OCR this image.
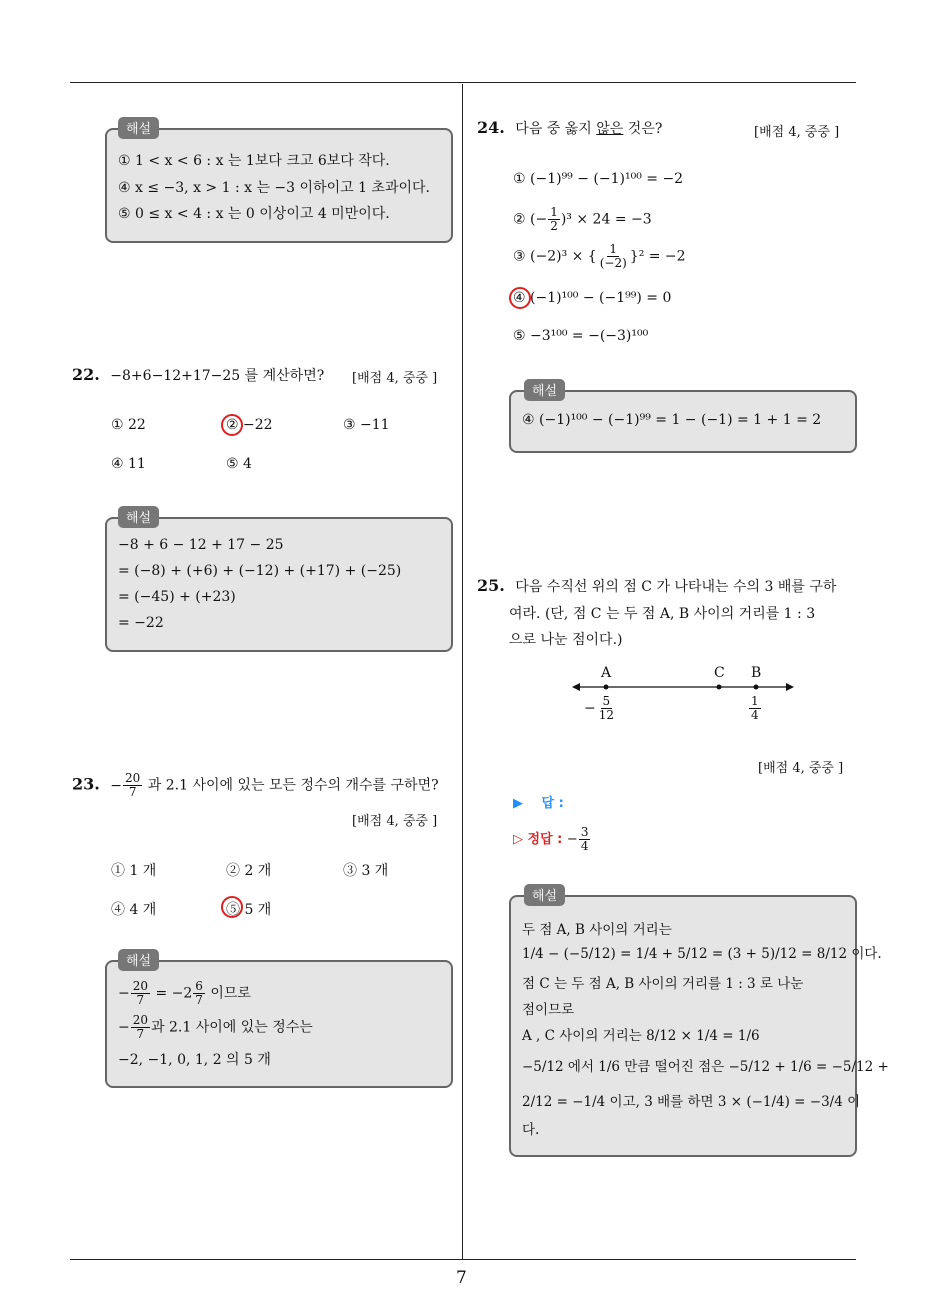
해설
① 1 < x < 6 : x 는 1보다 크고 6보다 작다.
④ x ≤ −3, x > 1 : x 는 −3 이하이고 1 초과이다.
⑤ 0 ≤ x < 4 : x 는 0 이상이고 4 미만이다.
22. −8+6−12+17−25 를 계산하면? [배점 4, 중중 ]
① 22	② −22	③ −11
④ 11	⑤ 4
해설
−8 + 6 − 12 + 17 − 25
= (−8) + (+6) + (−12) + (+17) + (−25)
= (−45) + (+23)
= −22
23. − $\frac{20}{7}$ 과 2.1 사이에 있는 모든 정수의 개수를 구하면?
[배점 4, 중중 ]
① 1 개	② 2 개	③ 3 개
④ 4 개	⑤ 5 개
해설
− $\frac{20}{7} = -2 \frac{6}{7}$ 이므로
− $\frac{20}{7}$ 과 2.1 사이에 있는 정수는
−2, −1, 0, 1, 2 의 5 개
24. 다음 중 옳지 않은 것은?	[배점 4, 중중 ]
① (−1)⁹⁹ − (−1)¹⁰⁰ = −2
② (− $\frac{1}{2} )^3 \times 24 = -3$
③ (−2)³ × { $\frac{1}{(-2)} \}^2 = -2$
④ (−1)¹⁰⁰ − (−1⁹⁹) = 0
⑤ −3¹⁰⁰ = −(−3)¹⁰⁰
해설
④ (−1)¹⁰⁰ − (−1)⁹⁹ = 1 − (−1) = 1 + 1 = 2
25. 다음 수직선 위의 점 C 가 나타내는 수의 3 배를 구하
여라. (단, 점 C 는 두 점 A, B 사이의 거리를 1 : 3
으로 나눈 점이다.)
A	C B
− $\frac{5}{12}$	$\frac{1}{4}$
[배점 4, 중중 ]
▶ 답 :
▷ 정답 : − $\frac{3}{4}$
해설
두 점 A, B 사이의 거리는
1/4 − (−5/12) = 1/4 + 5/12 = (3 + 5)/12 = 8/12 이다.
점 C 는 두 점 A, B 사이의 거리를 1 : 3 로 나눈
점이므로
A , C 사이의 거리는 8/12 × 1/4 = 1/6
−5/12 에서 1/6 만큼 떨어진 점은 −5/12 + 1/6 = −5/12 +
2/12 = −1/4 이고, 3 배를 하면 3 × (−1/4) = −3/4 이
다.
7
